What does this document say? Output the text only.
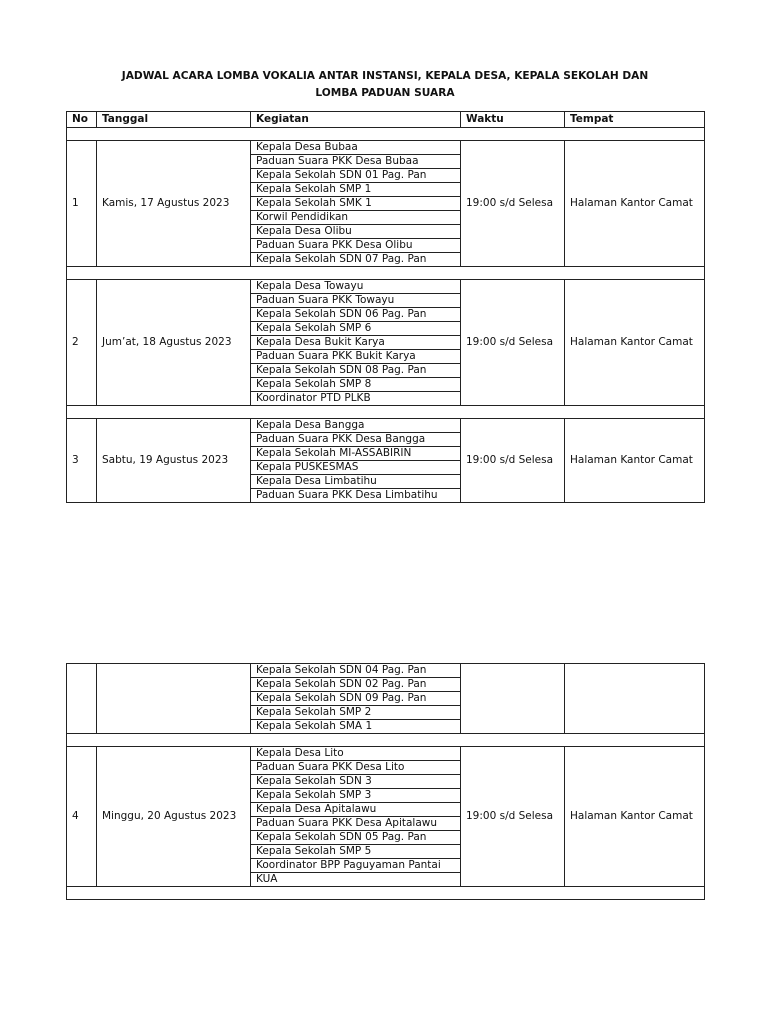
JADWAL ACARA LOMBA VOKALIA ANTAR INSTANSI, KEPALA DESA, KEPALA SEKOLAH DAN
LOMBA PADUAN SUARA
No	Tanggal	Kegiatan	Waktu	Tempat

1	Kamis, 17 Agustus 2023	Kepala Desa Bubaa	19:00 s/d Selesa	Halaman Kantor Camat
		Paduan Suara PKK Desa Bubaa		
		Kepala Sekolah SDN 01 Pag. Pan		
		Kepala Sekolah SMP 1		
		Kepala Sekolah SMK 1		
		Korwil Pendidikan		
		Kepala Desa Olibu		
		Paduan Suara PKK Desa Olibu		
		Kepala Sekolah SDN 07 Pag. Pan		

2	Jum’at, 18 Agustus 2023	Kepala Desa Towayu	19:00 s/d Selesa	Halaman Kantor Camat
		Paduan Suara PKK Towayu		
		Kepala Sekolah SDN 06 Pag. Pan		
		Kepala Sekolah SMP 6		
		Kepala Desa Bukit Karya		
		Paduan Suara PKK Bukit Karya		
		Kepala Sekolah SDN 08 Pag. Pan		
		Kepala Sekolah SMP 8		
		Koordinator PTD PLKB		

3	Sabtu, 19 Agustus 2023	Kepala Desa Bangga	19:00 s/d Selesa	Halaman Kantor Camat
		Paduan Suara PKK Desa Bangga		
		Kepala Sekolah MI-ASSABIRIN		
		Kepala PUSKESMAS		
		Kepala Desa Limbatihu		
		Paduan Suara PKK Desa Limbatihu		
		Kepala Sekolah SDN 04 Pag. Pan		
		Kepala Sekolah SDN 02 Pag. Pan		
		Kepala Sekolah SDN 09 Pag. Pan		
		Kepala Sekolah SMP 2		
		Kepala Sekolah SMA 1		

4	Minggu, 20 Agustus 2023	Kepala Desa Lito	19:00 s/d Selesa	Halaman Kantor Camat
		Paduan Suara PKK Desa Lito		
		Kepala Sekolah SDN 3		
		Kepala Sekolah SMP 3		
		Kepala Desa Apitalawu		
		Paduan Suara PKK Desa Apitalawu		
		Kepala Sekolah SDN 05 Pag. Pan		
		Kepala Sekolah SMP 5		
		Koordinator BPP Paguyaman Pantai		
		KUA		
